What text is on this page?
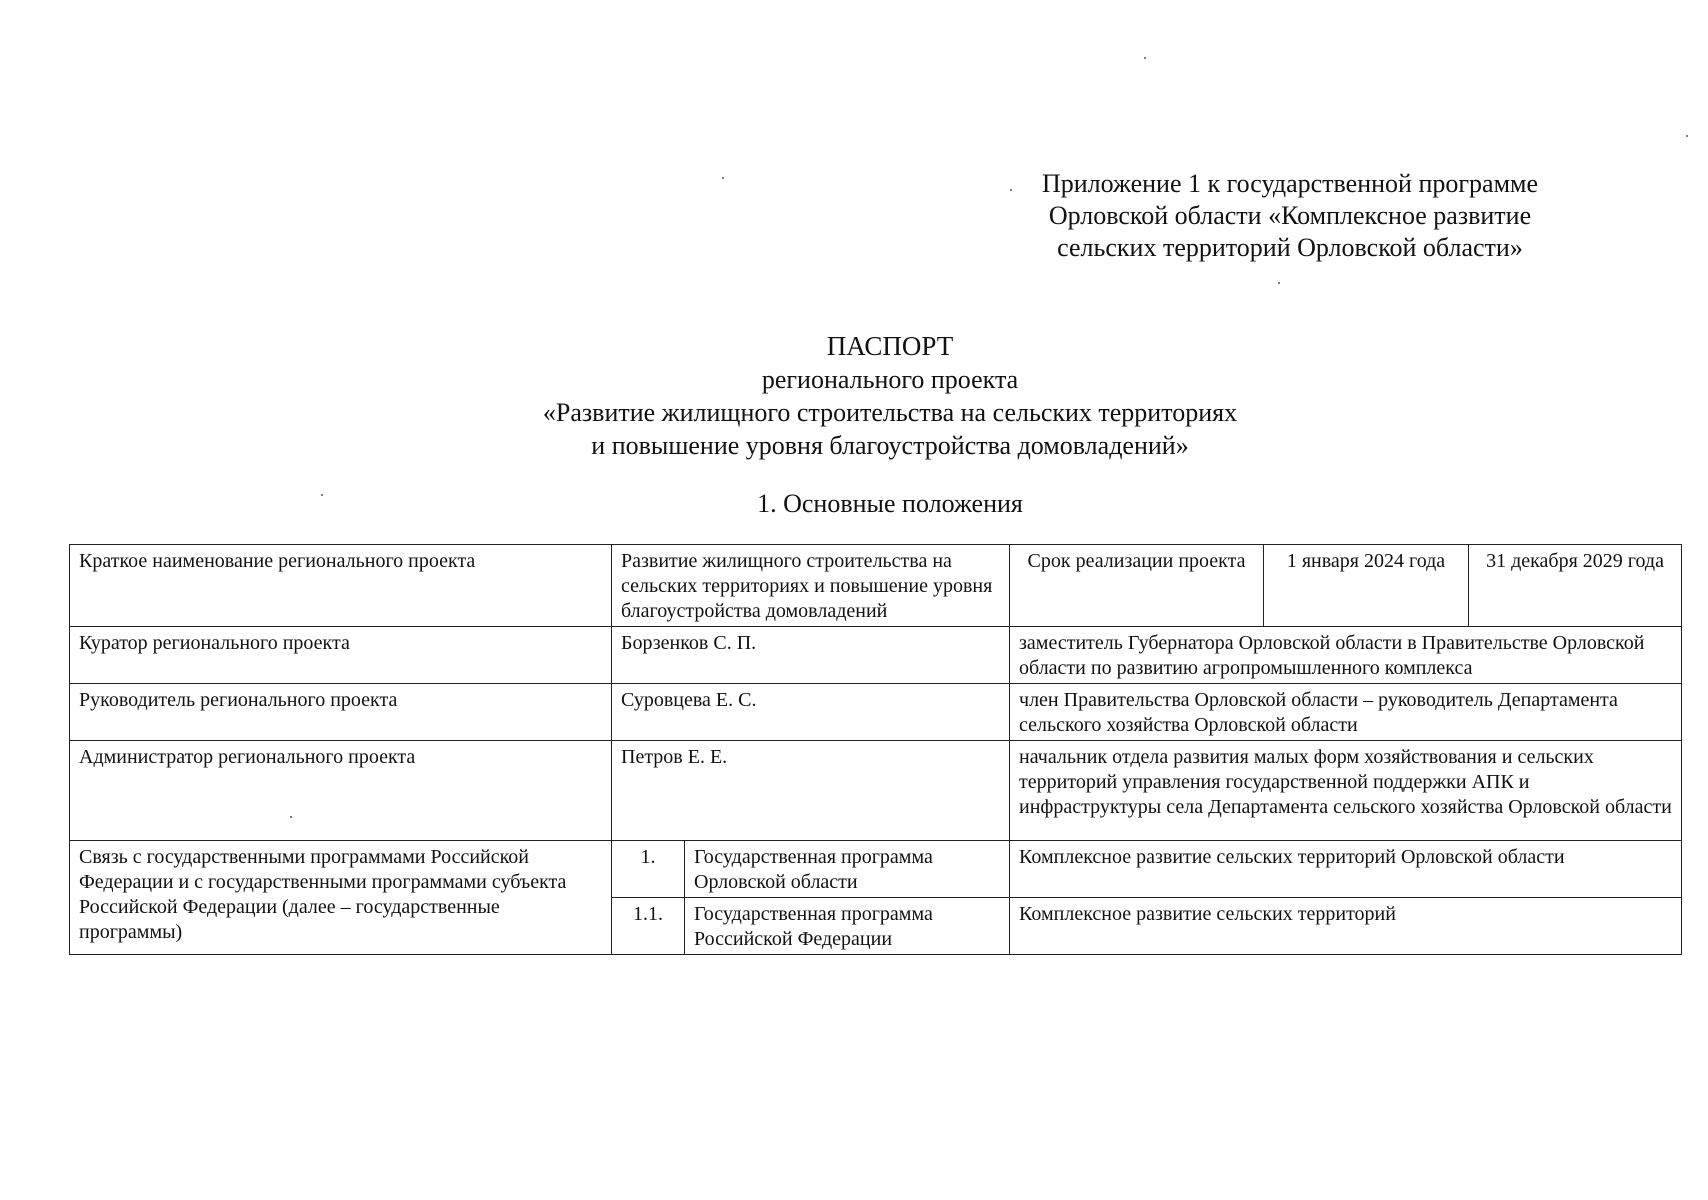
Приложение 1 к государственной программе
Орловской области «Комплексное развитие
сельских территорий Орловской области»
ПАСПОРТ
регионального проекта
«Развитие жилищного строительства на сельских территориях
и повышение уровня благоустройства домовладений»
1. Основные положения
Краткое наименование регионального проекта	Развитие жилищного строительства на сельских территориях и повышение уровня благоустройства домовладений		Срок реализации проекта	1 января 2024 года	31 декабря 2029 года
Куратор регионального проекта	Борзенков С. П.		заместитель Губернатора Орловской области в Правительстве Орловской области по развитию агропромышленного комплекса		
Руководитель регионального проекта	Суровцева Е. С.		член Правительства Орловской области – руководитель Департамента сельского хозяйства Орловской области		
Администратор регионального проекта	Петров Е. Е.		начальник отдела развития малых форм хозяйствования и сельских территорий управления государственной поддержки АПК и инфраструктуры села Департамента сельского хозяйства Орловской области		
Связь с государственными программами Российской Федерации и с государственными программами субъекта Российской Федерации (далее – государственные программы)	1.	Государственная программа Орловской области	Комплексное развитие сельских территорий Орловской области		
	1.1.	Государственная программа Российской Федерации	Комплексное развитие сельских территорий		
